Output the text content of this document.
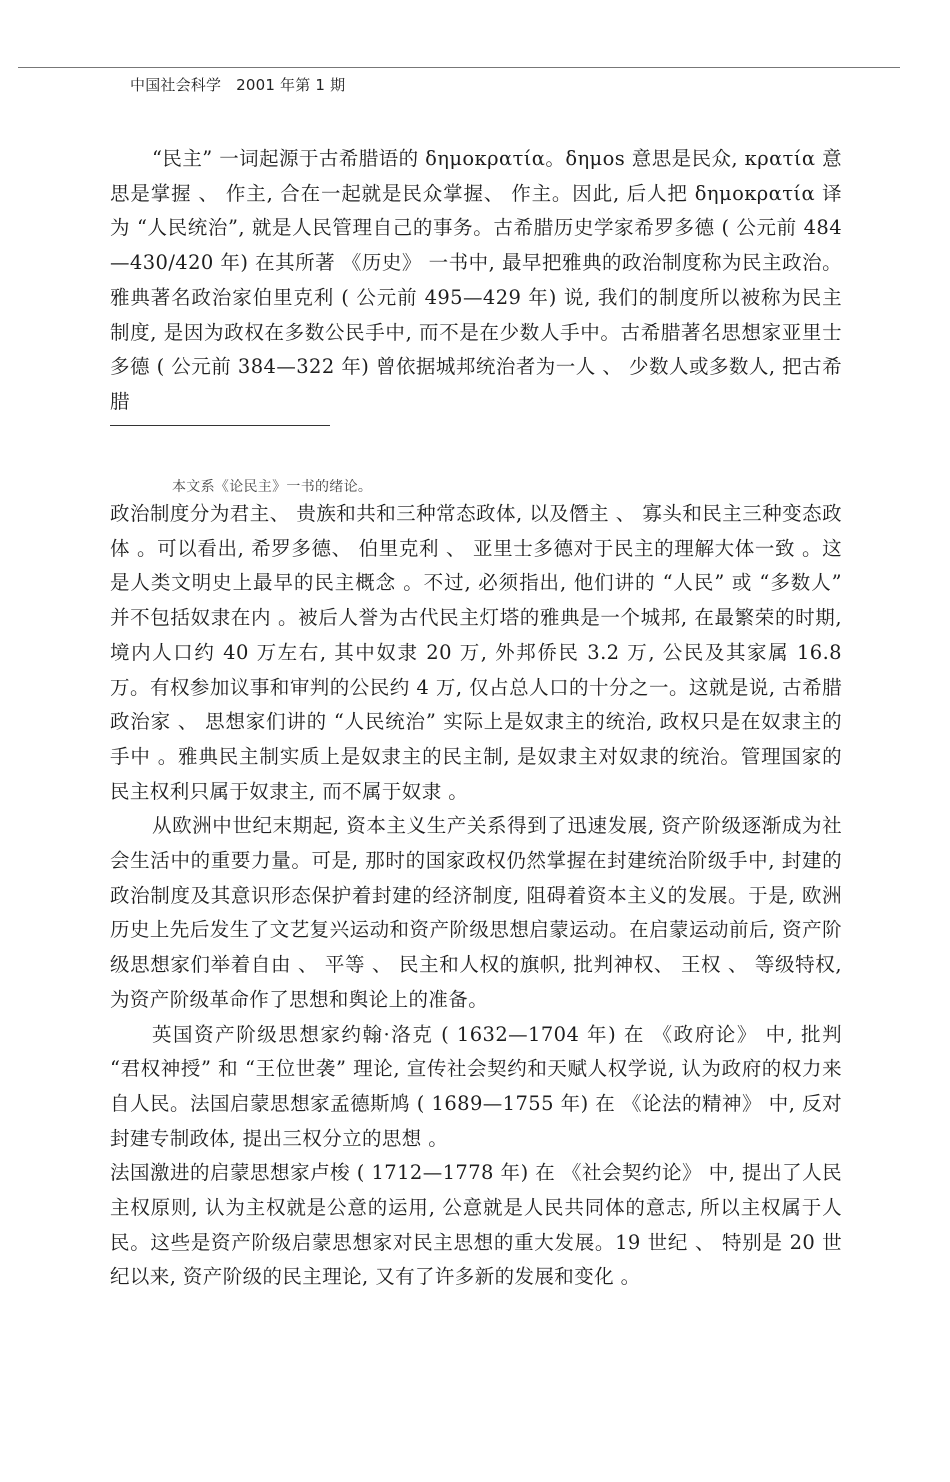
中国社会科学   2001 年第 1 期

“民主” 一词起源于古希腊语的 δημοκρατία。δημos 意思是民众, κρατία 意思是掌握 、 作主, 合在一起就是民众掌握、 作主。因此, 后人把 δημοκρατία 译为 “人民统治”, 就是人民管理自己的事务。古希腊历史学家希罗多德 ( 公元前 484—430/420 年) 在其所著 《历史》 一书中, 最早把雅典的政治制度称为民主政治。雅典著名政治家伯里克利 ( 公元前 495—429 年) 说, 我们的制度所以被称为民主制度, 是因为政权在多数公民手中, 而不是在少数人手中。古希腊著名思想家亚里士多德 ( 公元前 384—322 年) 曾依据城邦统治者为一人 、 少数人或多数人, 把古希腊

本文系《论民主》一书的绪论。

政治制度分为君主、 贵族和共和三种常态政体, 以及僭主 、 寡头和民主三种变态政体 。可以看出, 希罗多德、 伯里克利 、 亚里士多德对于民主的理解大体一致 。这是人类文明史上最早的民主概念 。不过, 必须指出, 他们讲的 “人民” 或 “多数人” 并不包括奴隶在内 。被后人誉为古代民主灯塔的雅典是一个城邦, 在最繁荣的时期, 境内人口约 40 万左右, 其中奴隶 20 万, 外邦侨民 3.2 万, 公民及其家属 16.8 万。有权参加议事和审判的公民约 4 万, 仅占总人口的十分之一。这就是说, 古希腊政治家 、 思想家们讲的 “人民统治” 实际上是奴隶主的统治, 政权只是在奴隶主的手中 。雅典民主制实质上是奴隶主的民主制, 是奴隶主对奴隶的统治。管理国家的民主权利只属于奴隶主, 而不属于奴隶 。

从欧洲中世纪末期起, 资本主义生产关系得到了迅速发展, 资产阶级逐渐成为社会生活中的重要力量。可是, 那时的国家政权仍然掌握在封建统治阶级手中, 封建的政治制度及其意识形态保护着封建的经济制度, 阻碍着资本主义的发展。于是, 欧洲历史上先后发生了文艺复兴运动和资产阶级思想启蒙运动。在启蒙运动前后, 资产阶级思想家们举着自由 、 平等 、 民主和人权的旗帜, 批判神权、 王权 、 等级特权, 为资产阶级革命作了思想和舆论上的准备。

英国资产阶级思想家约翰·洛克 ( 1632—1704 年) 在 《政府论》 中, 批判 “君权神授” 和 “王位世袭” 理论, 宣传社会契约和天赋人权学说, 认为政府的权力来自人民。法国启蒙思想家孟德斯鸠 ( 1689—1755 年) 在 《论法的精神》 中, 反对封建专制政体, 提出三权分立的思想 。

法国激进的启蒙思想家卢梭 ( 1712—1778 年) 在 《社会契约论》 中, 提出了人民主权原则, 认为主权就是公意的运用, 公意就是人民共同体的意志, 所以主权属于人民。这些是资产阶级启蒙思想家对民主思想的重大发展。19 世纪 、 特别是 20 世纪以来, 资产阶级的民主理论, 又有了许多新的发展和变化 。
